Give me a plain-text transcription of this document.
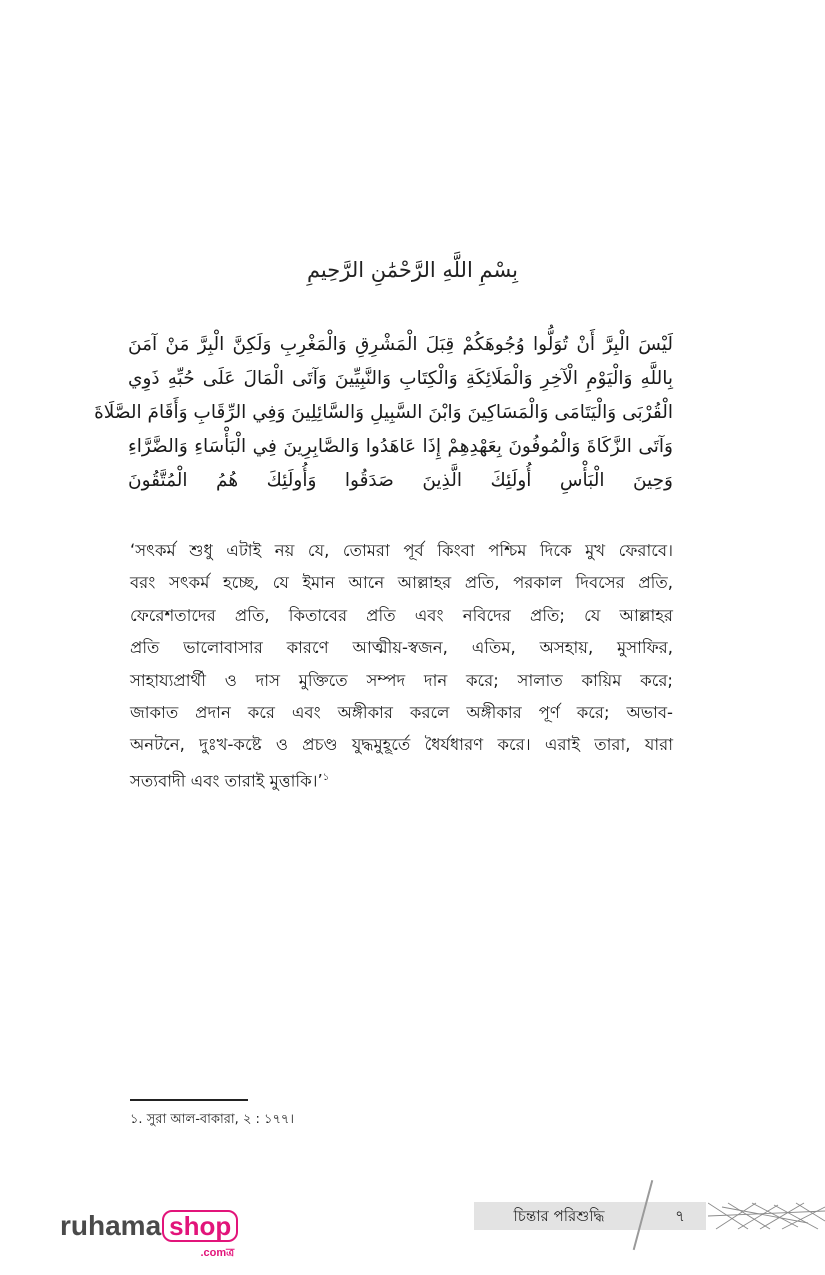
بِسْمِ اللَّهِ الرَّحْمَٰنِ الرَّحِيمِ
لَيْسَ الْبِرَّ أَنْ تُوَلُّوا وُجُوهَكُمْ قِبَلَ الْمَشْرِقِ وَالْمَغْرِبِ وَلَكِنَّ الْبِرَّ مَنْ آمَنَ
بِاللَّهِ وَالْيَوْمِ الْآخِرِ وَالْمَلَائِكَةِ وَالْكِتَابِ وَالنَّبِيِّينَ وَآتَى الْمَالَ عَلَى حُبِّهِ ذَوِي
الْقُرْبَى وَالْيَتَامَى وَالْمَسَاكِينَ وَابْنَ السَّبِيلِ وَالسَّائِلِينَ وَفِي الرِّقَابِ وَأَقَامَ الصَّلَاةَ
وَآتَى الزَّكَاةَ وَالْمُوفُونَ بِعَهْدِهِمْ إِذَا عَاهَدُوا وَالصَّابِرِينَ فِي الْبَأْسَاءِ وَالضَّرَّاءِ
وَحِينَ الْبَأْسِ أُولَئِكَ الَّذِينَ صَدَقُوا وَأُولَئِكَ هُمُ الْمُتَّقُونَ
‘সৎকর্ম শুধু এটাই নয় যে, তোমরা পূর্ব কিংবা পশ্চিম দিকে মুখ ফেরাবে।
বরং সৎকর্ম হচ্ছে, যে ইমান আনে আল্লাহর প্রতি, পরকাল দিবসের প্রতি,
ফেরেশতাদের প্রতি, কিতাবের প্রতি এবং নবিদের প্রতি; যে আল্লাহর
প্রতি ভালোবাসার কারণে আত্মীয়-স্বজন, এতিম, অসহায়, মুসাফির,
সাহায্যপ্রার্থী ও দাস মুক্তিতে সম্পদ দান করে; সালাত কায়িম করে;
জাকাত প্রদান করে এবং অঙ্গীকার করলে অঙ্গীকার পূর্ণ করে; অভাব-
অনটনে, দুঃখ-কষ্টে ও প্রচণ্ড যুদ্ধমুহূর্তে ধৈর্যধারণ করে। এরাই তারা, যারা
সত্যবাদী এবং তারাই মুত্তাকি।’$^১$
১. সুরা আল-বাকারা, ২ : ১৭৭।
ruhama shop
.comত্র
চিন্তার পরিশুদ্ধি	৭
